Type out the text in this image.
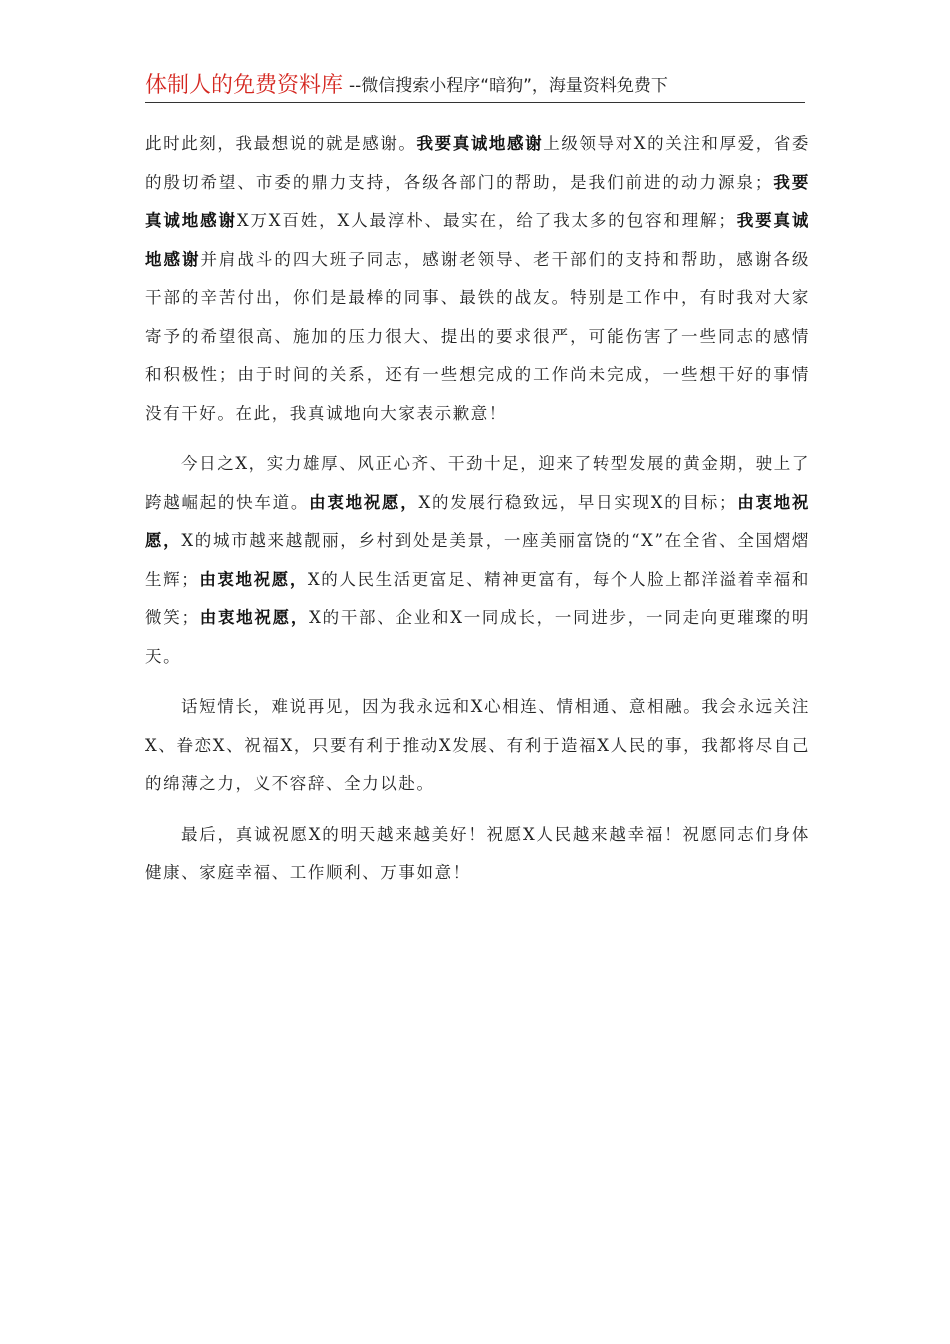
体制人的免费资料库 --微信搜索小程序“暗狗”，海量资料免费下

此时此刻，我最想说的就是感谢。我要真诚地感谢上级领导对X的关注和厚爱，省委的殷切希望、市委的鼎力支持，各级各部门的帮助，是我们前进的动力源泉；我要真诚地感谢X万X百姓，X人最淳朴、最实在，给了我太多的包容和理解；我要真诚地感谢并肩战斗的四大班子同志，感谢老领导、老干部们的支持和帮助，感谢各级干部的辛苦付出，你们是最棒的同事、最铁的战友。特别是工作中，有时我对大家寄予的希望很高、施加的压力很大、提出的要求很严，可能伤害了一些同志的感情和积极性；由于时间的关系，还有一些想完成的工作尚未完成，一些想干好的事情没有干好。在此，我真诚地向大家表示歉意！

今日之X，实力雄厚、风正心齐、干劲十足，迎来了转型发展的黄金期，驶上了跨越崛起的快车道。由衷地祝愿，X的发展行稳致远，早日实现X的目标；由衷地祝愿，X的城市越来越靓丽，乡村到处是美景，一座美丽富饶的“X”在全省、全国熠熠生辉；由衷地祝愿，X的人民生活更富足、精神更富有，每个人脸上都洋溢着幸福和微笑；由衷地祝愿，X的干部、企业和X一同成长，一同进步，一同走向更璀璨的明天。

话短情长，难说再见，因为我永远和X心相连、情相通、意相融。我会永远关注X、眷恋X、祝福X，只要有利于推动X发展、有利于造福X人民的事，我都将尽自己的绵薄之力，义不容辞、全力以赴。

最后，真诚祝愿X的明天越来越美好！祝愿X人民越来越幸福！祝愿同志们身体健康、家庭幸福、工作顺利、万事如意！
